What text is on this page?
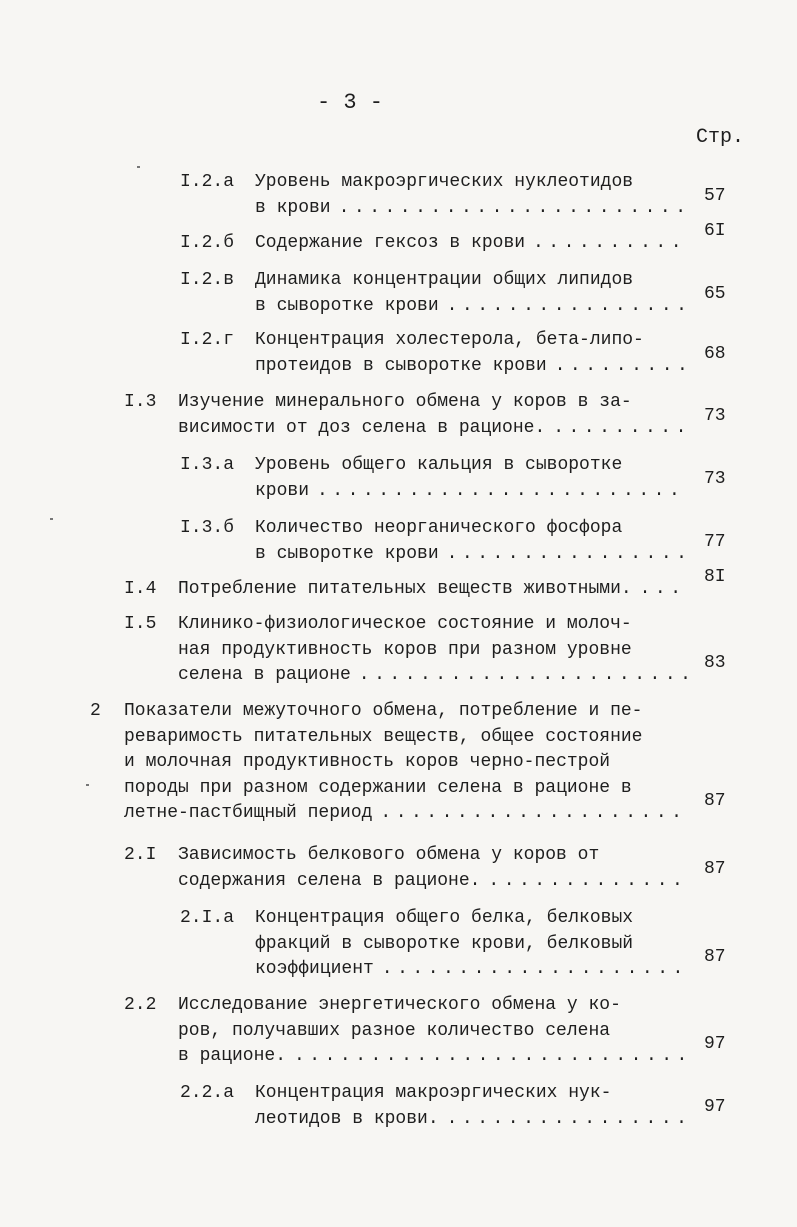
- 3 -
Стр.
I.2.а Уровень макроэргических нуклеотидов
в крови .......................
57
I.2.б Содержание гексоз в крови ..........
6I
I.2.в Динамика концентрации общих липидов
в сыворотке крови ................
65
I.2.г Концентрация холестерола, бета-липо-
протеидов в сыворотке крови .........
68
I.3 Изучение минерального обмена у коров в за-
висимости от доз селена в рационе. .........
73
I.3.а Уровень общего кальция в сыворотке
крови ........................
73
I.3.б Количество неорганического фосфора
в сыворотке крови ................
77
I.4 Потребление питательных веществ животными. ...
8I
I.5 Клинико-физиологическое состояние и молоч-
ная продуктивность коров при разном уровне
селена в рационе ......................
83
2 Показатели межуточного обмена, потребление и пе-
реваримость питательных веществ, общее состояние
и молочная продуктивность коров черно-пестрой
породы при разном содержании селена в рационе в
летне-пастбищный период ....................
87
2.I Зависимость белкового обмена у коров от
содержания селена в рационе. .............
87
2.I.а Концентрация общего белка, белковых
фракций в сыворотке крови, белковый
коэффициент ....................
87
2.2 Исследование энергетического обмена у ко-
ров, получавших разное количество селена
в рационе. ..........................
97
2.2.а Концентрация макроэргических нук-
леотидов в крови. ................
97
